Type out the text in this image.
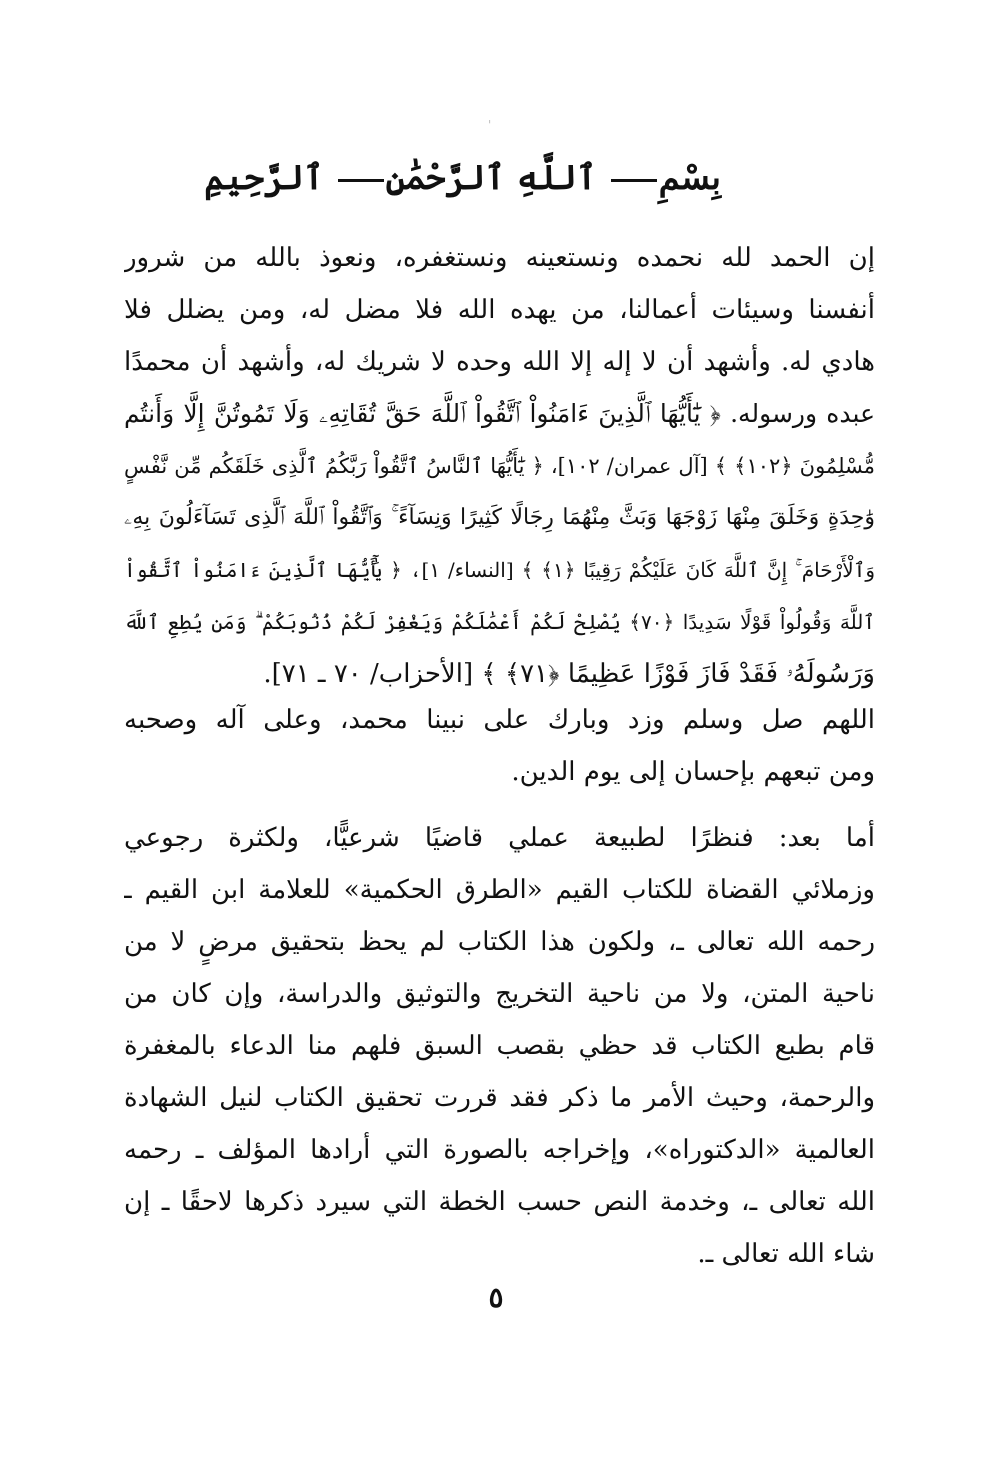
'
بِسْمِ ٱللَّهِ ٱلرَّحْمَٰنِ ٱلرَّحِيمِ
إن الحمد لله نحمده ونستعينه ونستغفره، ونعوذ بالله من شرور
أنفسنا وسيئات أعمالنا، من يهده الله فلا مضل له، ومن يضلل فلا
هادي له. وأشهد أن لا إله إلا الله وحده لا شريك له، وأشهد أن محمدًا
عبده ورسوله. ﴿ يَٰٓأَيُّهَا ٱلَّذِينَ ءَامَنُواْ ٱتَّقُواْ ٱللَّهَ حَقَّ تُقَاتِهِۦ وَلَا تَمُوتُنَّ إِلَّا وَأَنتُم
مُّسْلِمُونَ ﴿١٠٢﴾ ﴾ [آل عمران/ ١٠٢]، ﴿ يَٰٓأَيُّهَا ٱلنَّاسُ ٱتَّقُواْ رَبَّكُمُ ٱلَّذِى خَلَقَكُم مِّن نَّفْسٍ
وَٰحِدَةٍ وَخَلَقَ مِنْهَا زَوْجَهَا وَبَثَّ مِنْهُمَا رِجَالًا كَثِيرًا وَنِسَآءً ۚ وَٱتَّقُواْ ٱللَّهَ ٱلَّذِى تَسَآءَلُونَ بِهِۦ
وَٱلْأَرْحَامَ ۚ إِنَّ ٱللَّهَ كَانَ عَلَيْكُمْ رَقِيبًا ﴿١﴾ ﴾ [النساء/ ١]، ﴿ يَٰٓأَيُّهَا ٱلَّذِينَ ءَامَنُواْ ٱتَّقُواْ
ٱللَّهَ وَقُولُواْ قَوْلًا سَدِيدًا ﴿٧٠﴾ يُصْلِحْ لَكُمْ أَعْمَٰلَكُمْ وَيَغْفِرْ لَكُمْ ذُنُوبَكُمْ ۗ وَمَن يُطِعِ ٱللَّهَ
وَرَسُولَهُۥ فَقَدْ فَازَ فَوْزًا عَظِيمًا ﴿٧١﴾ ﴾ [الأحزاب/ ٧٠ ـ ٧١].
اللهم صل وسلم وزد وبارك على نبينا محمد، وعلى آله وصحبه
ومن تبعهم بإحسان إلى يوم الدين.
أما بعد: فنظرًا لطبيعة عملي قاضيًا شرعيًّا، ولكثرة رجوعي
وزملائي القضاة للكتاب القيم «الطرق الحكمية» للعلامة ابن القيم ـ
رحمه الله تعالى ـ، ولكون هذا الكتاب لم يحظ بتحقيق مرضٍ لا من
ناحية المتن، ولا من ناحية التخريج والتوثيق والدراسة، وإن كان من
قام بطبع الكتاب قد حظي بقصب السبق فلهم منا الدعاء بالمغفرة
والرحمة، وحيث الأمر ما ذكر فقد قررت تحقيق الكتاب لنيل الشهادة
العالمية «الدكتوراه»، وإخراجه بالصورة التي أرادها المؤلف ـ رحمه
الله تعالى ـ، وخدمة النص حسب الخطة التي سيرد ذكرها لاحقًا ـ إن
شاء الله تعالى ـ.
٥
